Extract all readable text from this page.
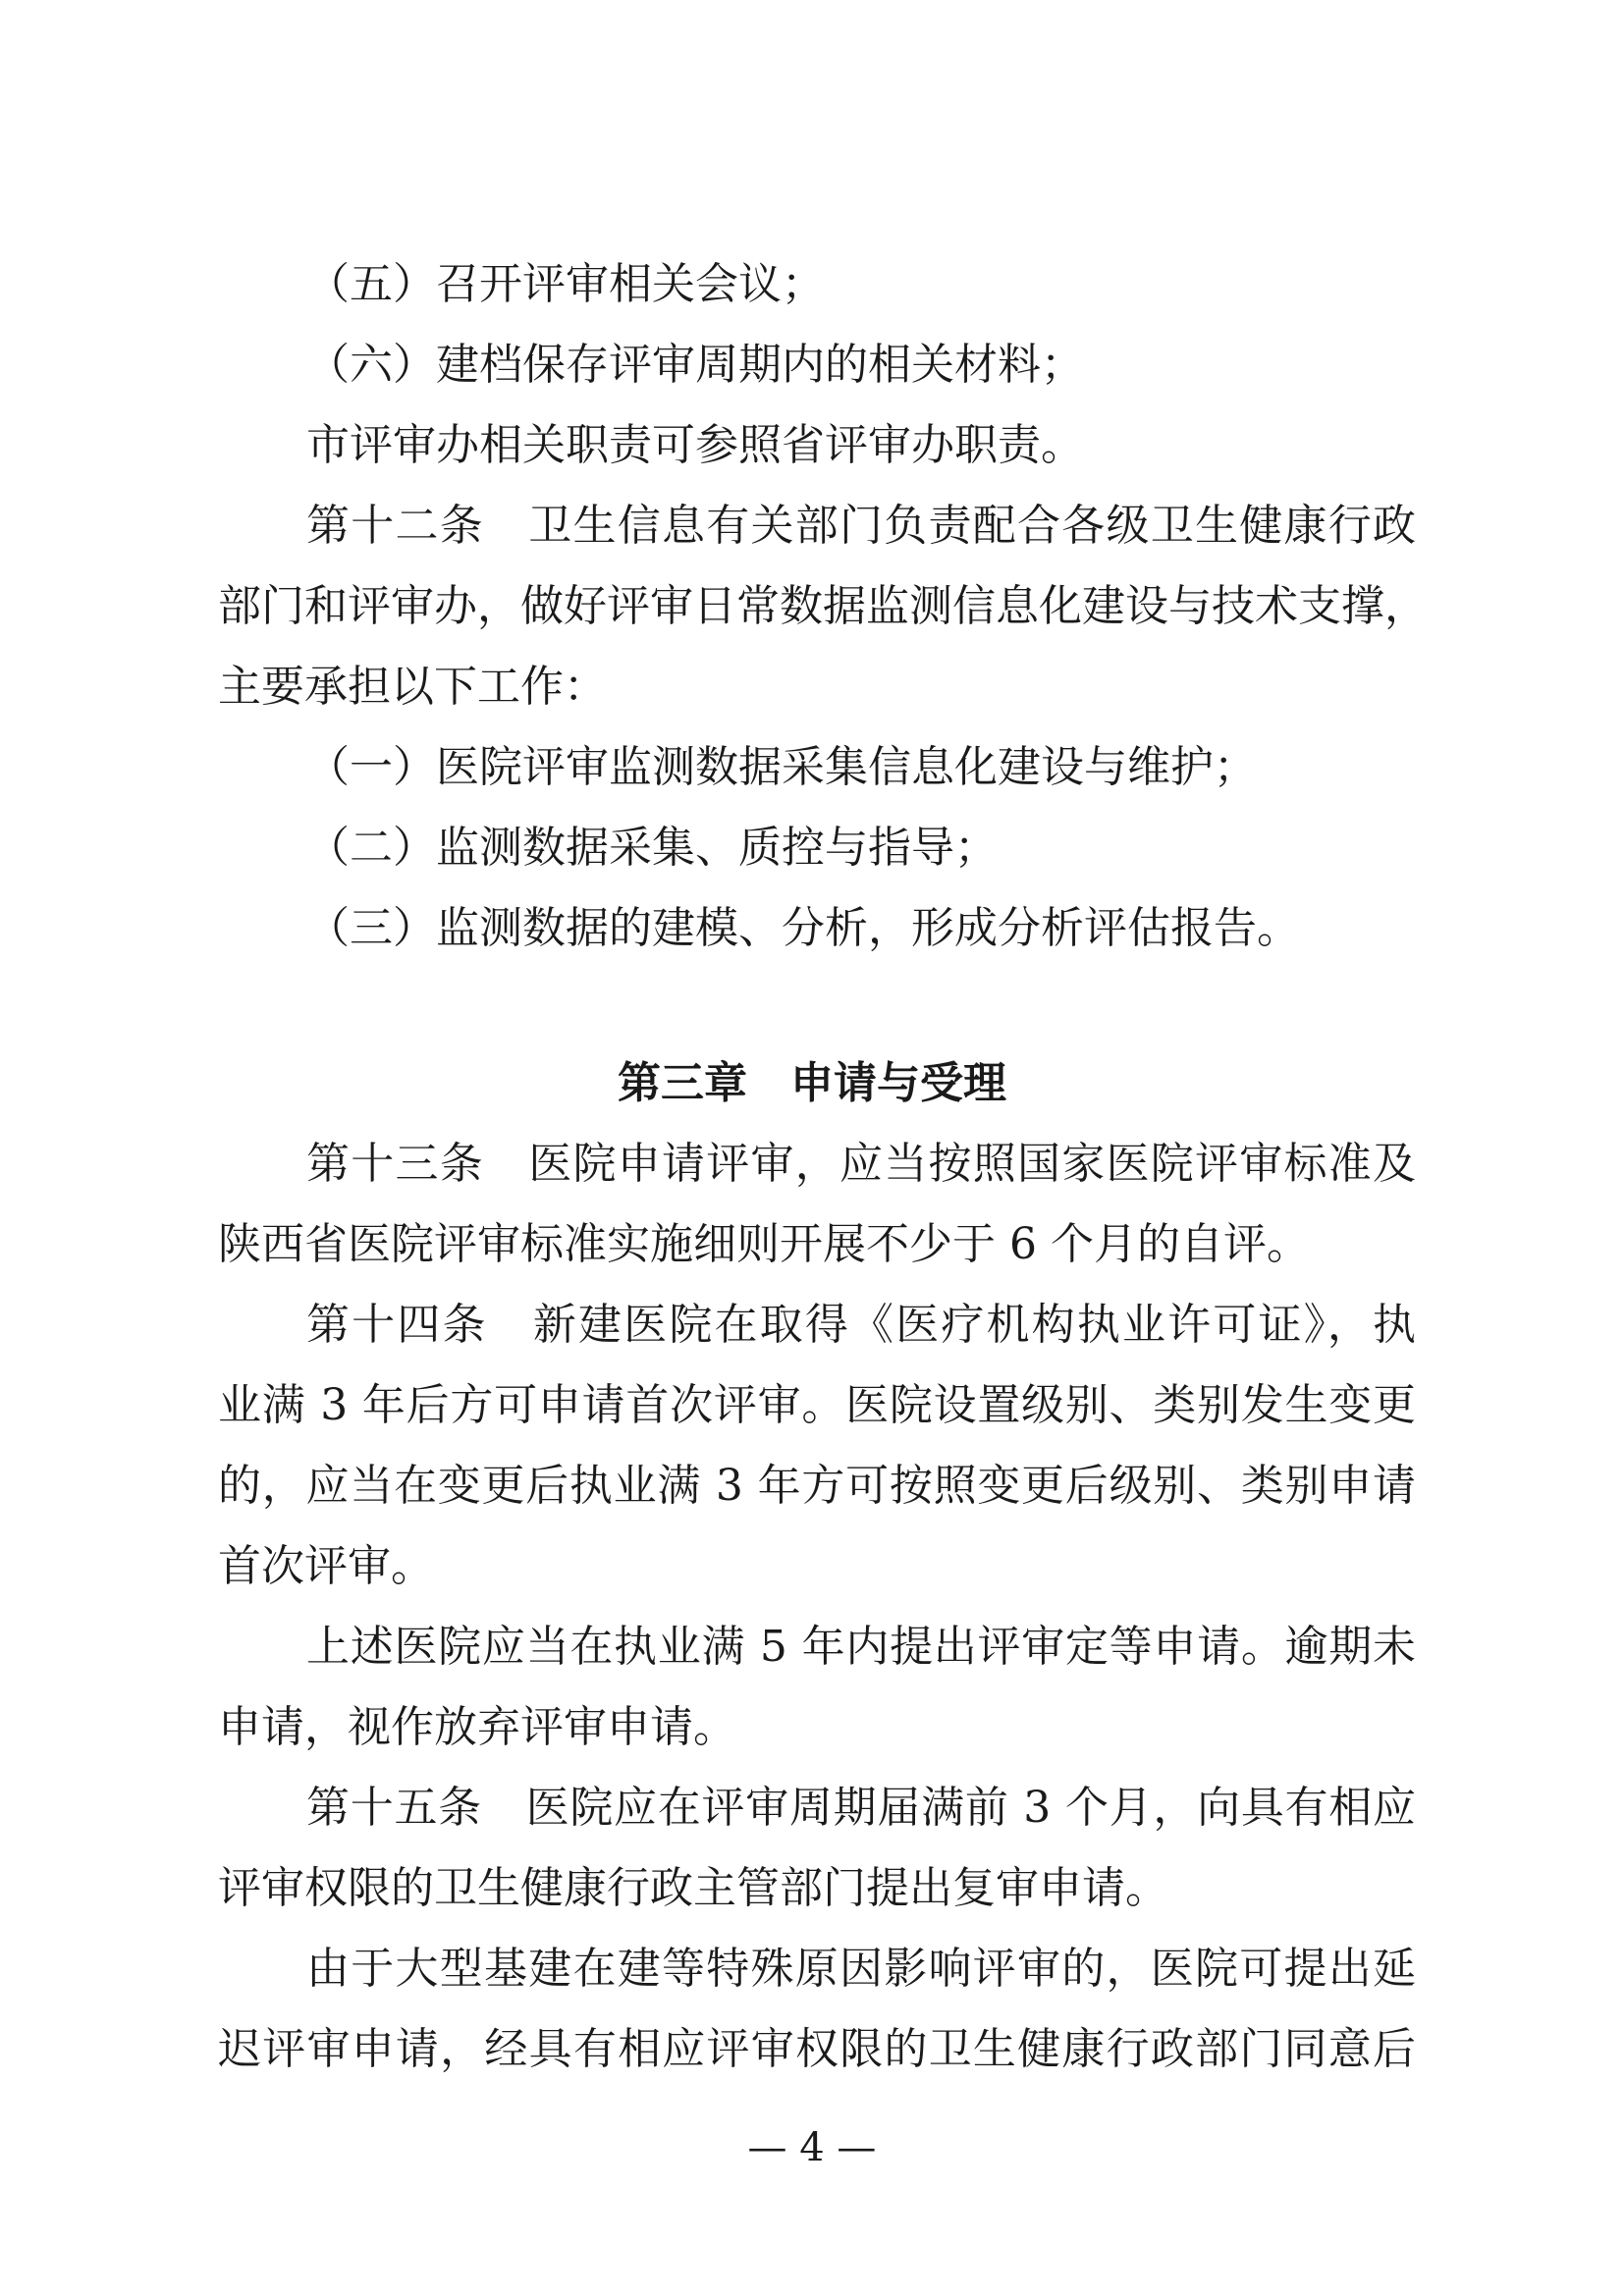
（五）召开评审相关会议；
（六）建档保存评审周期内的相关材料；
市评审办相关职责可参照省评审办职责。
第十二条　卫生信息有关部门负责配合各级卫生健康行政
部门和评审办，做好评审日常数据监测信息化建设与技术支撑，
主要承担以下工作：
（一）医院评审监测数据采集信息化建设与维护；
（二）监测数据采集、质控与指导；
（三）监测数据的建模、分析，形成分析评估报告。
第三章　申请与受理
第十三条　医院申请评审，应当按照国家医院评审标准及
陕西省医院评审标准实施细则开展不少于 6 个月的自评。
第十四条　新建医院在取得《医疗机构执业许可证》，执
业满 3 年后方可申请首次评审。医院设置级别、类别发生变更
的，应当在变更后执业满 3 年方可按照变更后级别、类别申请
首次评审。
上述医院应当在执业满 5 年内提出评审定等申请。逾期未
申请，视作放弃评审申请。
第十五条　医院应在评审周期届满前 3 个月，向具有相应
评审权限的卫生健康行政主管部门提出复审申请。
由于大型基建在建等特殊原因影响评审的，医院可提出延
迟评审申请，经具有相应评审权限的卫生健康行政部门同意后
— 4 —
